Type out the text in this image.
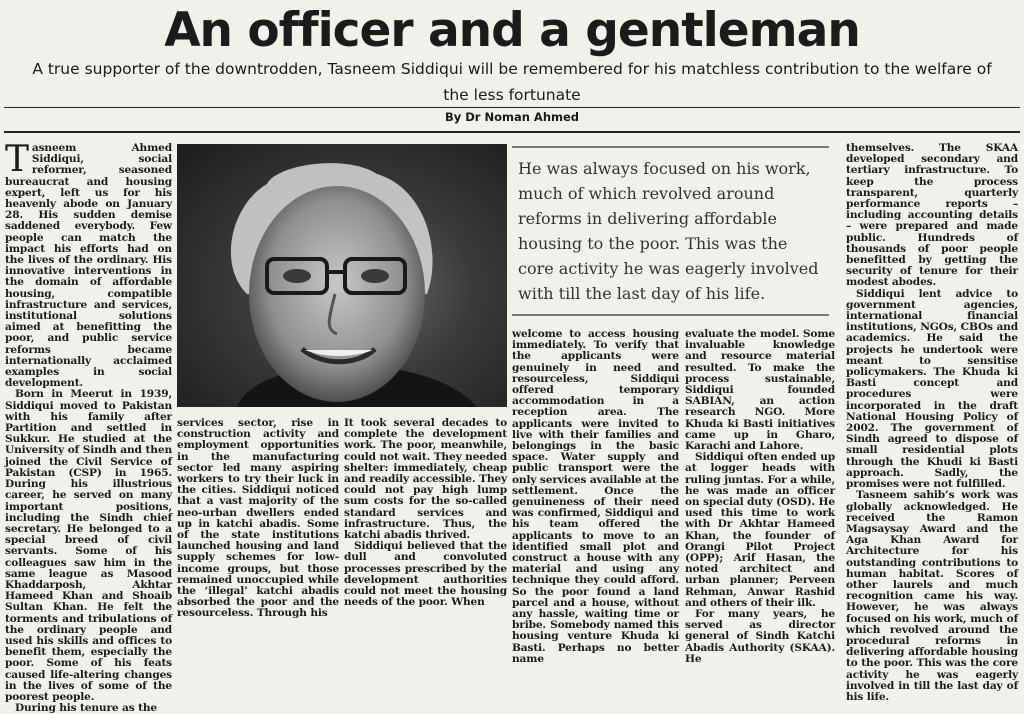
An officer and a gentleman
A true supporter of the downtrodden, Tasneem Siddiqui will be remembered for his matchless contribution to the welfare of the less fortunate
By Dr Noman Ahmed

Tasneem Ahmed Siddiqui, social reformer, seasoned bureaucrat and housing expert, left us for his heavenly abode on January 28. His sudden demise saddened everybody. Few people can match the impact his efforts had on the lives of the ordinary. His innovative interventions in the domain of affordable housing, compatible infrastructure and services, institutional solutions aimed at benefitting the poor, and public service reforms became internationally acclaimed examples in social development.

Born in Meerut in 1939, Siddiqui moved to Pakistan with his family after Partition and settled in Sukkur. He studied at the University of Sindh and then joined the Civil Service of Pakistan (CSP) in 1965. During his illustrious career, he served on many important positions, including the Sindh chief secretary. He belonged to a special breed of civil servants. Some of his colleagues saw him in the same league as Masood Khaddarposh, Akhtar Hameed Khan and Shoaib Sultan Khan. He felt the torments and tribulations of the ordinary people and used his skills and offices to benefit them, especially the poor. Some of his feats caused life-altering changes in the lives of some of the poorest people.

During his tenure as the

He was always focused on his work, much of which revolved around reforms in delivering affordable housing to the poor. This was the core activity he was eagerly involved with till the last day of his life.

services sector, rise in construction activity and employment opportunities in the manufacturing sector led many aspiring workers to try their luck in the cities. Siddiqui noticed that a vast majority of the neo-urban dwellers ended up in katchi abadis. Some of the state institutions launched housing and land supply schemes for low-income groups, but those remained unoccupied while the ‘illegal’ katchi abadis absorbed the poor and the resourceless. Through his

It took several decades to complete the development work. The poor, meanwhile, could not wait. They needed shelter: immediately, cheap and readily accessible. They could not pay high lump sum costs for the so-called standard services and infrastructure. Thus, the katchi abadis thrived.

Siddiqui believed that the dull and convoluted processes prescribed by the development authorities could not meet the housing needs of the poor. When

welcome to access housing immediately. To verify that the applicants were genuinely in need and resourceless, Siddiqui offered temporary accommodation in a reception area. The applicants were invited to live with their families and belongings in the basic space. Water supply and public transport were the only services available at the settlement. Once the genuineness of their need was confirmed, Siddiqui and his team offered the applicants to move to an identified small plot and construct a house with any material and using any technique they could afford. So the poor found a land parcel and a house, without any hassle, waiting time or bribe. Somebody named this housing venture Khuda ki Basti. Perhaps no better name

evaluate the model. Some invaluable knowledge and resource material resulted. To make the process sustainable, Siddiqui founded SABIAN, an action research NGO. More Khuda ki Basti initiatives came up in Gharo, Karachi and Lahore.

Siddiqui often ended up at logger heads with ruling juntas. For a while, he was made an officer on special duty (OSD). He used this time to work with Dr Akhtar Hameed Khan, the founder of Orangi Pilot Project (OPP); Arif Hasan, the noted architect and urban planner; Perveen Rehman, Anwar Rashid and others of their ilk.

For many years, he served as director general of Sindh Katchi Abadis Authority (SKAA). He

themselves. The SKAA developed secondary and tertiary infrastructure. To keep the process transparent, quarterly performance reports – including accounting details – were prepared and made public. Hundreds of thousands of poor people benefitted by getting the security of tenure for their modest abodes.

Siddiqui lent advice to government agencies, international financial institutions, NGOs, CBOs and academics. He said the projects he undertook were meant to sensitise policymakers. The Khuda ki Basti concept and procedures were incorporated in the draft National Housing Policy of 2002. The government of Sindh agreed to dispose of small residential plots through the Khudi ki Basti approach. Sadly, the promises were not fulfilled.

Tasneem sahib’s work was globally acknowledged. He received the Ramon Magsaysay Award and the Aga Khan Award for Architecture for his outstanding contributions to human habitat. Scores of other laurels and much recognition came his way. However, he was always focused on his work, much of which revolved around the procedural reforms in delivering affordable housing to the poor. This was the core activity he was eagerly involved in till the last day of his life.
